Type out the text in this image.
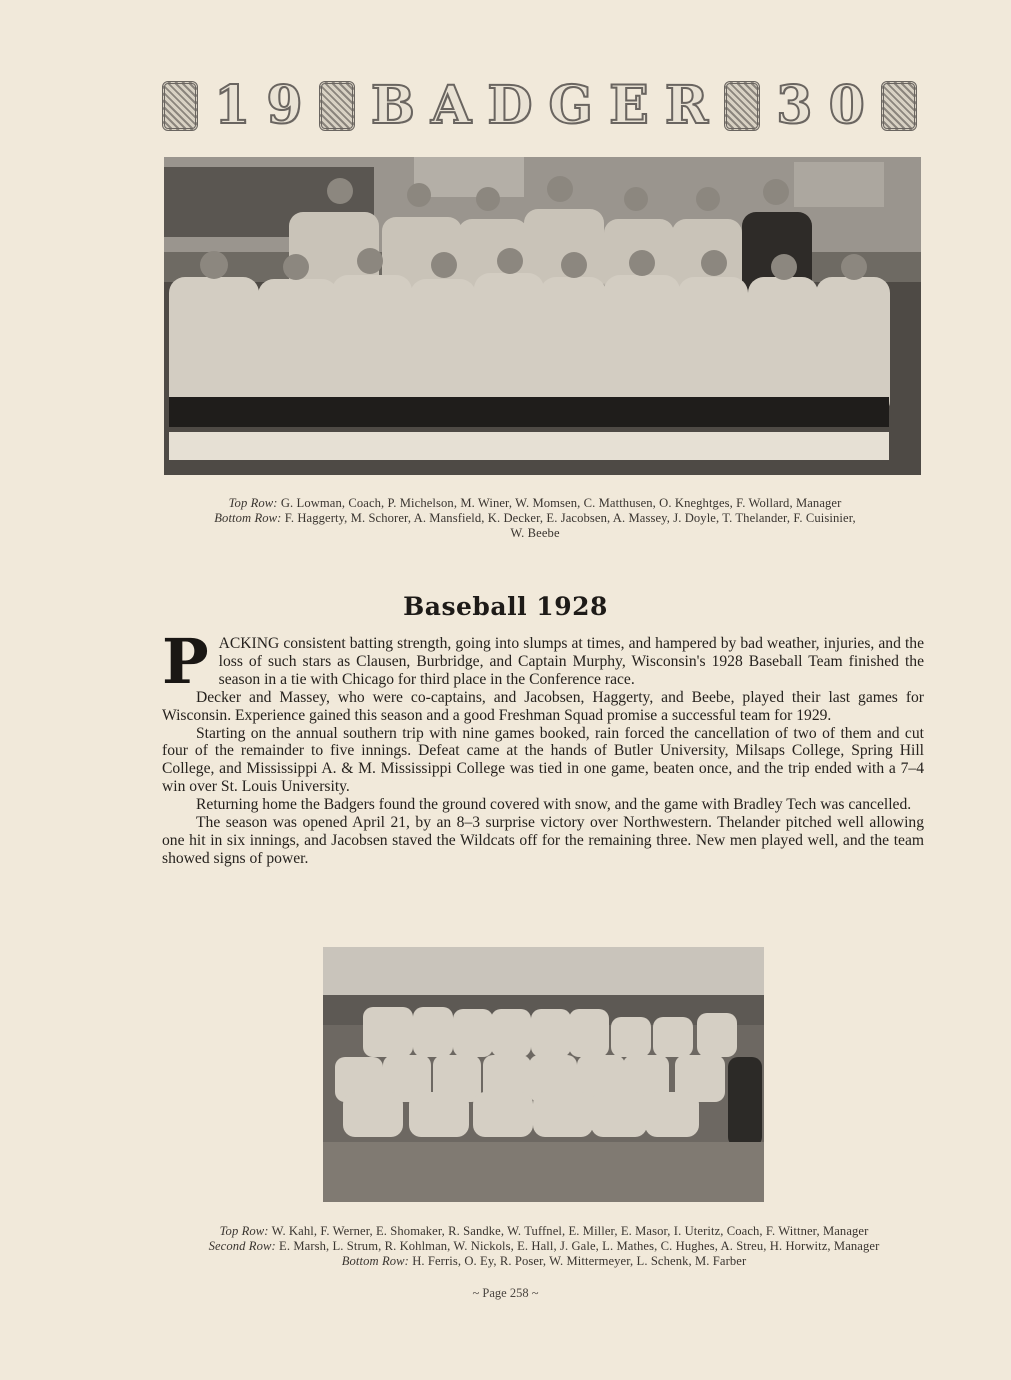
1 9 B A D G E R 3 0
Top Row: G. Lowman, Coach, P. Michelson, M. Winer, W. Momsen, C. Matthusen, O. Kneghtges, F. Wollard, Manager
Bottom Row: F. Haggerty, M. Schorer, A. Mansfield, K. Decker, E. Jacobsen, A. Massey, J. Doyle, T. Thelander, F. Cuisinier,
W. Beebe
Baseball 1928

PACKING consistent batting strength, going into slumps at times, and hampered by bad weather, injuries, and the loss of such stars as Clausen, Burbridge, and Captain Murphy, Wisconsin's 1928 Baseball Team finished the season in a tie with Chicago for third place in the Conference race.

Decker and Massey, who were co-captains, and Jacobsen, Haggerty, and Beebe, played their last games for Wisconsin. Experience gained this season and a good Freshman Squad promise a successful team for 1929.

Starting on the annual southern trip with nine games booked, rain forced the cancellation of two of them and cut four of the remainder to five innings. Defeat came at the hands of Butler University, Milsaps College, Spring Hill College, and Mississippi A. & M. Mississippi College was tied in one game, beaten once, and the trip ended with a 7–4 win over St. Louis University.

Returning home the Badgers found the ground covered with snow, and the game with Bradley Tech was cancelled.

The season was opened April 21, by an 8–3 surprise victory over Northwestern. Thelander pitched well allowing one hit in six innings, and Jacobsen staved the Wildcats off for the remaining three. New men played well, and the team showed signs of power.

Top Row: W. Kahl, F. Werner, E. Shomaker, R. Sandke, W. Tuffnel, E. Miller, E. Masor, I. Uteritz, Coach, F. Wittner, Manager
Second Row: E. Marsh, L. Strum, R. Kohlman, W. Nickols, E. Hall, J. Gale, L. Mathes, C. Hughes, A. Streu, H. Horwitz, Manager
Bottom Row: H. Ferris, O. Ey, R. Poser, W. Mittermeyer, L. Schenk, M. Farber
~ Page 258 ~
